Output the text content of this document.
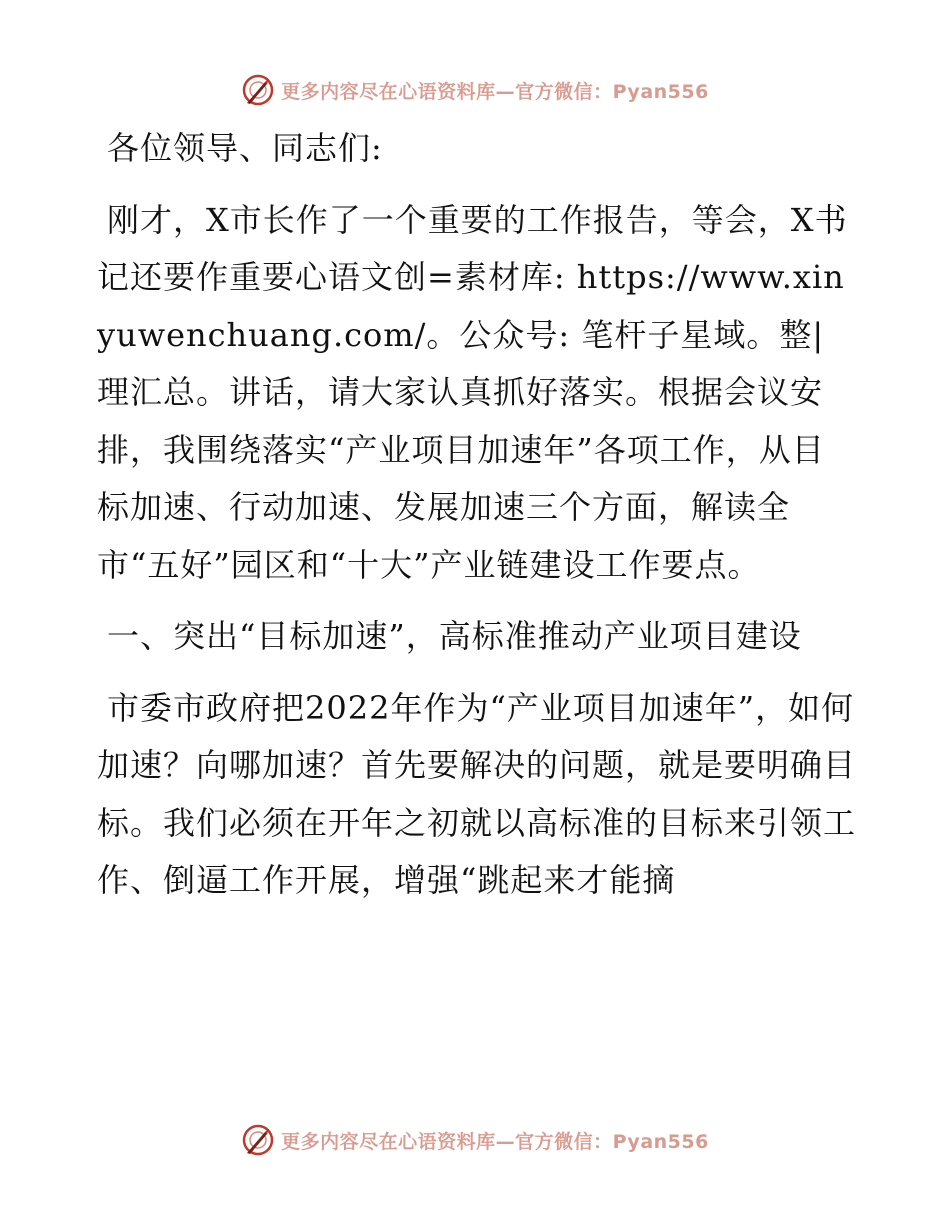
更多内容尽在心语资料库—官方微信：Pyan556

各位领导、同志们:

刚才，X市长作了一个重要的工作报告，等会，X书记还要作重要心语文创=素材库: https://www.xinyuwenchuang.com/。公众号: 笔杆子星域。整|理汇总。讲话，请大家认真抓好落实。根据会议安排，我围绕落实“产业项目加速年”各项工作，从目标加速、行动加速、发展加速三个方面，解读全市“五好”园区和“十大”产业链建设工作要点。

一、突出“目标加速”，高标准推动产业项目建设

市委市政府把2022年作为“产业项目加速年”，如何加速？向哪加速？首先要解决的问题，就是要明确目标。我们必须在开年之初就以高标准的目标来引领工作、倒逼工作开展，增强“跳起来才能摘

更多内容尽在心语资料库—官方微信：Pyan556
